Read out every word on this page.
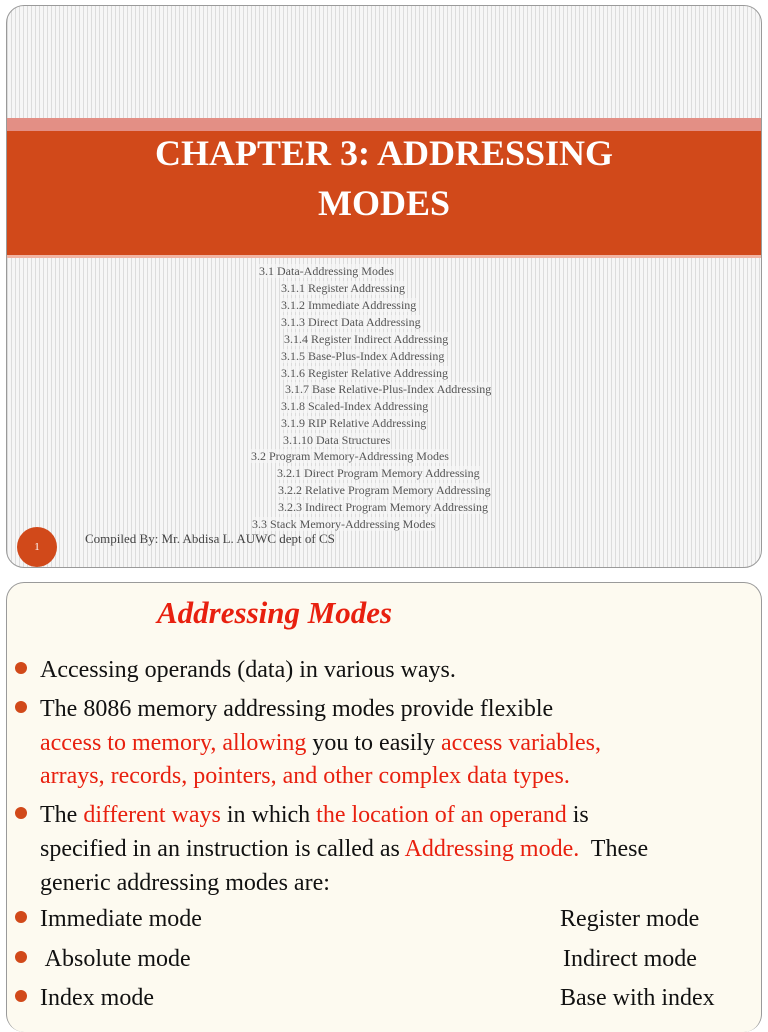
CHAPTER 3: ADDRESSING
MODES
3.1 Data-Addressing Modes
3.1.1 Register Addressing
3.1.2 Immediate Addressing
3.1.3 Direct Data Addressing
3.1.4 Register Indirect Addressing
3.1.5 Base-Plus-Index Addressing
3.1.6 Register Relative Addressing
3.1.7 Base Relative-Plus-Index Addressing
3.1.8 Scaled-Index Addressing
3.1.9 RIP Relative Addressing
3.1.10 Data Structures
3.2 Program Memory-Addressing Modes
3.2.1 Direct Program Memory Addressing
3.2.2 Relative Program Memory Addressing
3.2.3 Indirect Program Memory Addressing
3.3 Stack Memory-Addressing Modes
1
Compiled By: Mr. Abdisa L. AUWC dept of CS
Addressing Modes
Accessing operands (data) in various ways.
The 8086 memory addressing modes provide flexible
access to memory, allowing you to easily access variables,
arrays, records, pointers, and other complex data types.
The different ways in which the location of an operand is
specified in an instruction is called as Addressing mode.  These
generic addressing modes are:
Immediate mode	Register mode
Absolute mode	Indirect mode
Index mode	Base with index
